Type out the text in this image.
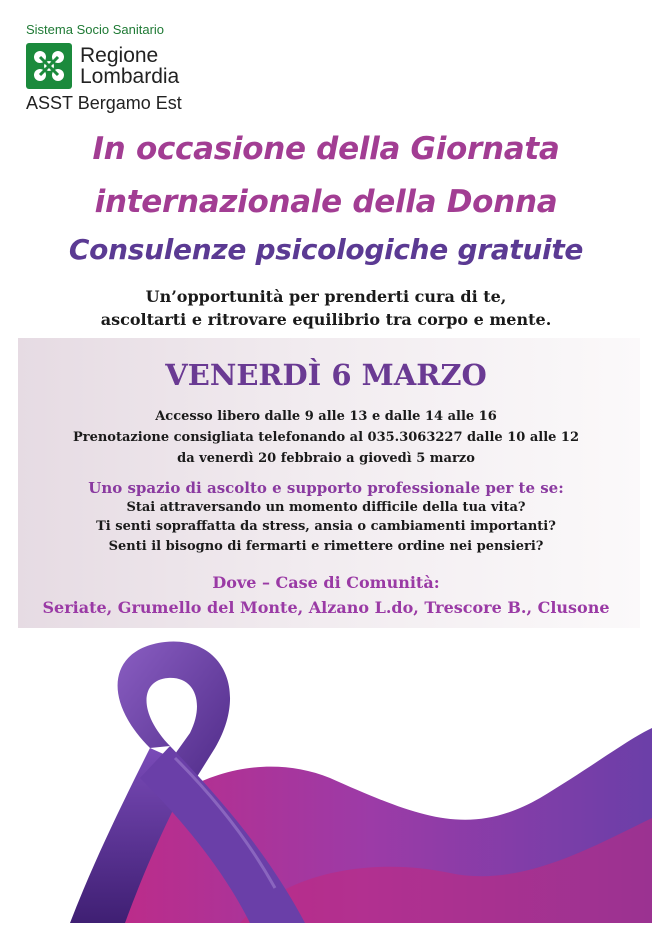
Sistema Socio Sanitario
Regione
Lombardia
ASST Bergamo Est
In occasione della Giornata
internazionale della Donna
Consulenze psicologiche gratuite
Un’opportunità per prenderti cura di te,
ascoltarti e ritrovare equilibrio tra corpo e mente.
VENERDÌ 6 MARZO
Accesso libero dalle 9 alle 13 e dalle 14 alle 16
Prenotazione consigliata telefonando al 035.3063227 dalle 10 alle 12
da venerdì 20 febbraio a giovedì 5 marzo
Uno spazio di ascolto e supporto professionale per te se:
Stai attraversando un momento difficile della tua vita?
Ti senti sopraffatta da stress, ansia o cambiamenti importanti?
Senti il bisogno di fermarti e rimettere ordine nei pensieri?
Dove – Case di Comunità:
Seriate, Grumello del Monte, Alzano L.do, Trescore B., Clusone
